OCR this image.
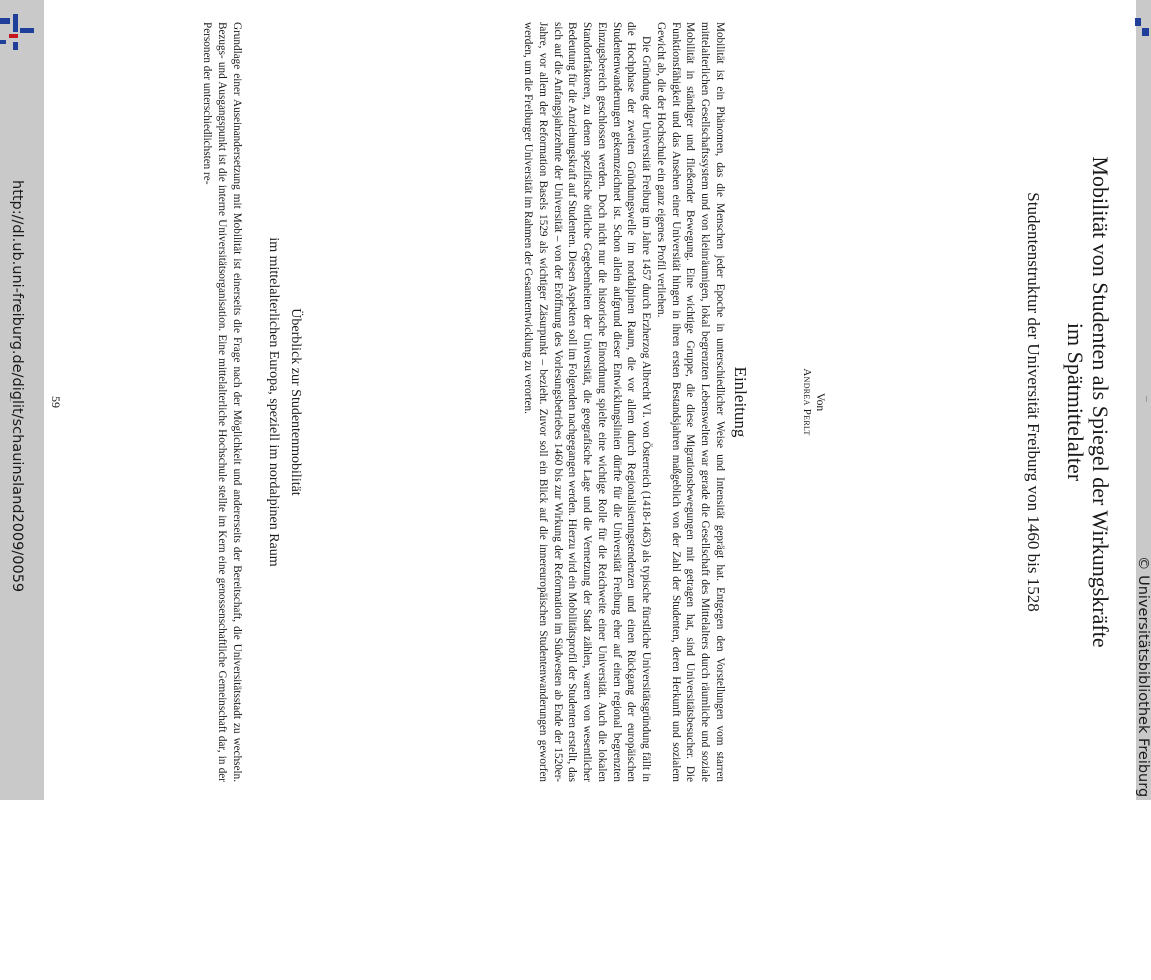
Mobilität von Studenten als Spiegel der Wirkungskräfte
im Spätmittelalter
Studentenstruktur der Universität Freiburg von 1460 bis 1528
Von
Andrea Perlt
Einleitung

Mobilität ist ein Phänomen, das die Menschen jeder Epoche in unterschiedlicher Weise und Intensität geprägt hat. Entgegen den Vorstellungen vom starren mittelalterlichen Gesellschaftssystem und von kleinräumigen, lokal begrenzten Lebenswelten war gerade die Gesellschaft des Mittelalters durch räumliche und soziale Mobilität in ständiger und fließender Bewegung. Eine wichtige Gruppe, die diese Migrationsbewegungen mit getragen hat, sind Universitätsbesucher. Die Funktionsfähigkeit und das Ansehen einer Universität hingen in ihren ersten Bestandsjahren maßgeblich von der Zahl der Studenten, deren Herkunft und sozialem Gewicht ab, die der Hochschule ein ganz eigenes Profil verliehen.

Die Gründung der Universität Freiburg im Jahre 1457 durch Erzherzog Albrecht VI. von Österreich (1418-1463) als typische fürstliche Universitätsgründung fällt in die Hochphase der zweiten Gründungswelle im nordalpinen Raum, die vor allem durch Regionalisierungstendenzen und einen Rückgang der europäischen Studentenwanderungen gekennzeichnet ist. Schon allein aufgrund dieser Entwicklungslinien dürfte für die Universität Freiburg eher auf einen regional begrenzten Einzugsbereich geschlossen werden. Doch nicht nur die historische Einordnung spielte eine wichtige Rolle für die Reichweite einer Universität. Auch die lokalen Standortfaktoren, zu denen spezifische örtliche Gegebenheiten der Universität, die geografische Lage und die Vernetzung der Stadt zählen, waren von wesentlicher Bedeutung für die Anziehungskraft auf Studenten. Diesen Aspekten soll im Folgenden nachgegangen werden. Hierzu wird ein Mobilitätsprofil der Studenten erstellt, das sich auf die Anfangsjahrzehnte der Universität – von der Eröffnung des Vorlesungsbetriebes 1460 bis zur Wirkung der Reformation im Südwesten ab Ende der 1520er-Jahre, vor allem der Reformation Basels 1529 als wichtiger Zäsurpunkt – bezieht. Zuvor soll ein Blick auf die innereuropäischen Studentenwanderungen geworfen werden, um die Freiburger Universität im Rahmen der Gesamtentwicklung zu verorten.

Überblick zur Studentenmobilität
im mittelalterlichen Europa, speziell im nordalpinen Raum

Grundlage einer Auseinandersetzung mit Mobilität ist einerseits die Frage nach der Möglichkeit und andererseits der Bereitschaft, die Universitätsstadt zu wechseln. Bezugs- und Ausgangspunkt ist die interne Universitätsorganisation. Eine mittelalterliche Hochschule stellte im Kern eine genossenschaftliche Gemeinschaft dar, in der Personen der unterschiedlichsten re-

59
http://dl.ub.uni-freiburg.de/diglit/schauinsland2009/0059
© Universitätsbibliothek Freiburg
